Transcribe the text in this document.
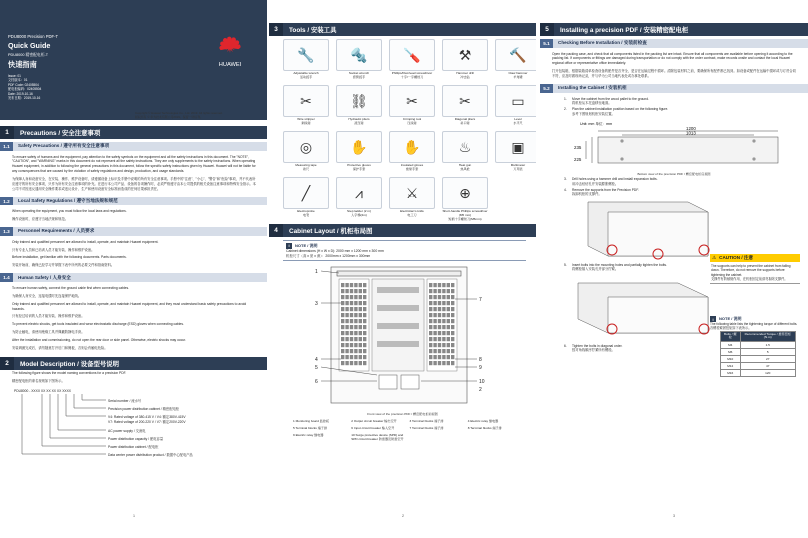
PDU8000 Precision PDF-T
Quick Guide
PDU8000 精密配电柜-T
快速指南
Issue: 01
文档版本：01
PDF Code: 02405504
配电柜编码：02405504
Date: 2019-10-16
发布日期：2019-10-16
HUAWEI
Copyright © Huawei Technologies Co., Ltd. 2019. All rights reserved.
版权所有 © 华为技术有限公司2019。保留一切权利。
1	Precautions / 安全注意事项
1.1	Safety Precautions / 遵守所有安全注意事项
To ensure safety of humans and the equipment, pay attention to the safety symbols on the equipment and all the safety instructions in this document. The "NOTE", "CAUTION", and "WARNING" marks in this document do not represent all the safety instructions. They are only supplements to the safety instructions. When operating Huawei equipment, in addition to following the general precautions in this document, follow the specific safety instructions given by Huawei. Huawei will not be liable for any consequences that are caused by the violation of safety regulations and design, production, and usage standards.
为保障人身和设备安全，在安装、操作、维护设备时，请遵循设备上标识及手册中说明的所有安全注意事项。手册中的"注意"、"小心"、"警告"和"危险"事项，并不代表所应遵守的所有安全事项，只作为所有安全注意事项的补充。在进行本公司产品、设备的各项操作时，必须严格遵守由本公司提供的相关设备注意事项和特殊安全指示。本公司不对因违反通用安全操作要求或违反设计、生产和使用设备安全标准而造成的任何后果承担责任。
1.2	Local Safety Regulations / 遵守当地法规和规范
When operating the equipment, you must follow the local laws and regulations.
操作设备时，应遵守当地法规和规范。
1.3	Personnel Requirements / 人员要求
Only trained and qualified personnel are allowed to install, operate, and maintain Huawei equipment.
只有专业人员和已培训人员才能安装、操作和维护设备。
Before installation, get familiar with the following documents. Parts documents.
安装开始前，确保已经学习并掌握下表中所列的必要文件和指南资料。
1.4	Human Safety / 人身安全
To ensure human safety, connect the ground cable first when connecting cables.
为确保人身安全，连接电缆时先连接保护地线。
Only trained and qualified personnel are allowed to install, operate, and maintain Huawei equipment, and they must understand basic safety precautions to avoid hazards.
只有经过培训的人员才能安装、操作和维护设备。
To prevent electric shocks, get tools insulated and wear electrostatic discharge (ESD) gloves when connecting cables.
为防止触电，请使用绝缘工具并佩戴防静电手套。
After the installation and commissioning, do not open the rear door or side panel. Otherwise, electric shocks may occur.
安装调测完成后，请勿随意打开后门和侧板，否则会有触电危险。
2	Model Description / 设备型号说明
The following figure shows the model naming conventions for a precision PDF.
精密配电柜的命名规则如下图所示。
PDU8000 - XXXX XX XX XX XX XXXX
Serial number / 流水号
Precision power distribution cabinet / 精密配电柜
V4: Rated voltage of 380-415 V / V4: 额定380V-415V
V7: Rated voltage of 200-220 V / V7: 额定200V-220V
AC power supply / 交流电
Power distribution capacity / 配电容量
Power distribution cabinet / 配电柜
Data center power distribution product / 数据中心配电产品
1
3	Tools / 安装工具
🔧
Adjustable wrench
活动扳手
🔩
Socket wrench
套筒扳手
🪛
Phillips/Flat-head screwdriver
十字/一字螺丝刀
⚒
Hammer drill
冲击钻
🔨
Claw hammer
羊角锤
✂
Wire stripper
剥线钳
⛓
Hydraulic pliers
液压钳
✂
Crimping tool
压线钳
✂
Diagonal pliers
斜口钳
▭
Level
水平尺
◎
Measuring tape
卷尺
✋
Protective gloves
保护手套
✋
Insulated gloves
绝缘手套
♨
Heat gun
热风枪
▣
Multimeter
万用表
╱
Electroprobe
电笔
⩘
Step ladder (2 m)
人字梯(2m)
⚔
Electrician's knife
电工刀
⊕
Short-handle Phillips screwdriver (M5 mm)
短柄十字螺丝刀(M5mm)
4	Cabinet Layout / 机柜布局图
i	NOTE / 说明
Cabinet dimensions (H x W x D): 2000 mm x 1200 mm x 300 mm
机柜尺寸（高 x 宽 x 深）：2000mm x 1200mm x 300mm
1
2
3
4
5
6
7
8
9
10
Front view of the precision PDF / 精密配电柜前视图
1 Monitoring board 监控板	2 Output circuit breaker 输出空开	3 Terminal blocks 端子排	4 Electric relay 继电器
5 Terminal blocks 端子排	6 Input circuit breaker 输入空开	7 Terminal blocks 端子排	8 Terminal blocks 端子排
9 Electric relay 继电器	10 Surge protective device (SPD) and SPD circuit breaker 防雷器及防雷空开
2
5	Installing a precision PDF / 安装精密配电柜
5.1	Checking Before Installation / 安装前检查
Open the packing case, and check that all components listed in the packing list are intact. Ensure that all components are available before opening it according to the packing list. If components or fittings are damaged during transportation or do not comply with the order contract, make records onsite and contact the local Huawei regional office or representative office immediately.
打开包装箱，根据装箱清单检查设备的配件是否齐全，是否在运输过程中损坏。清除包装材料之前，要确保所有配件都已找到。如设备或配件在运输中损坏或与订货合同不符，应及时做现场记录，并与华为公司当地代表处或办事处联系。
5.2	Installing the Cabinet / 安装机柜
1. Move the cabinet from the wood pallet to the ground.
将机柜从木托盘移至地面。
2. Plan the cabinet installation position based on the following figure.
参考下图规划机柜安装位置。
Unit: mm 单位：mm
1200
1013
235
225
Bottom view of the precision PDF / 精密配电柜底视图
3. Drill holes using a hammer drill and install expansion bolts.
用冲击钻钻孔并安装膨胀螺栓。
4. Remove the supports from the Precision PDF.
拆卸机柜的支撑件。
5. Insert bolts into the mounting holes and partially tighten the bolts.
将螺栓插入安装孔并部分拧紧。
6. Tighten the bolts in diagonal order.
按对角线顺序拧紧所有螺栓。
⚠ CAUTION / 注意
The supports can help to prevent the cabinet from falling down. Therefore, do not remove the supports before tightening the cabinet.
支撑件有防倾倒作用，在机柜固定前请勿拆除支撑件。
i	NOTE / 说明
The following table lists the tightening torque of different bolts.
各螺栓紧固扭矩如下表所示。
Bolts / 螺栓	Recommended Torque / 推荐扭矩 (N·m)
M4	1.5
M6	5
M10	27
M12	47
M16	120
3
